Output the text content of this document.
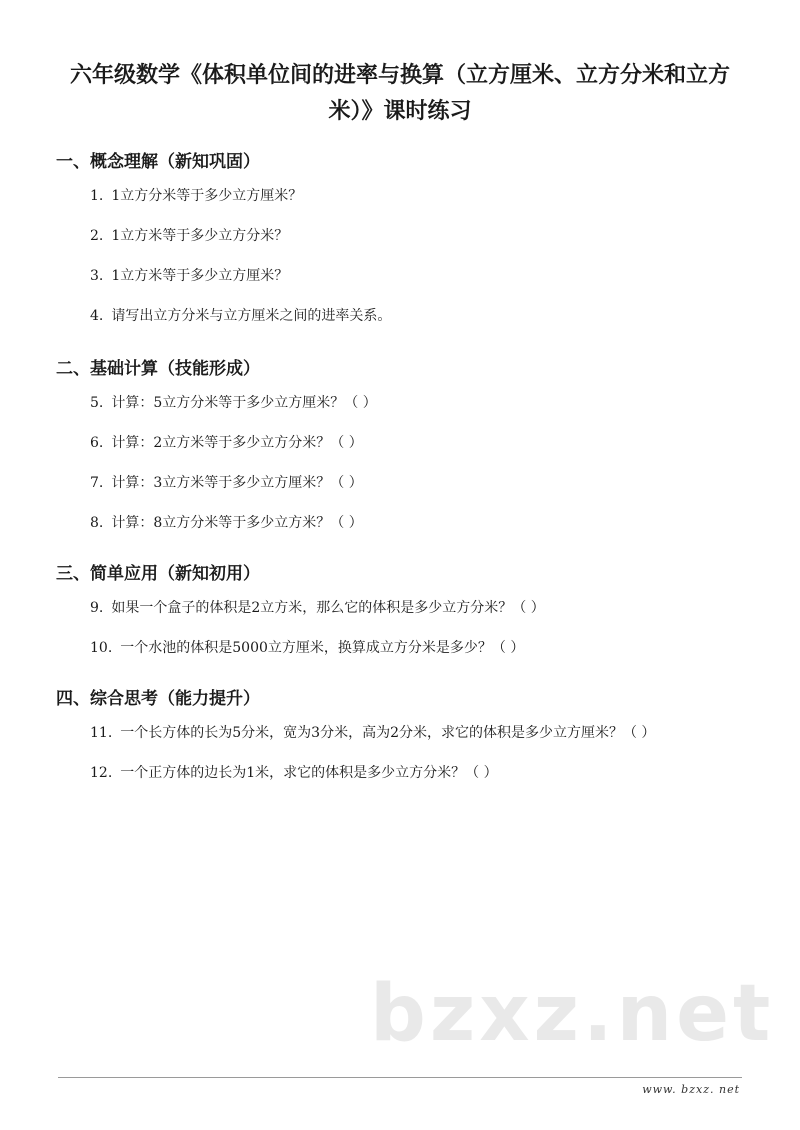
六年级数学《体积单位间的进率与换算（立方厘米、立方分米和立方米）》课时练习
一、概念理解（新知巩固）
1. 1立方分米等于多少立方厘米？
2. 1立方米等于多少立方分米？
3. 1立方米等于多少立方厘米？
4. 请写出立方分米与立方厘米之间的进率关系。
二、基础计算（技能形成）
5. 计算：5立方分米等于多少立方厘米？（ ）
6. 计算：2立方米等于多少立方分米？（ ）
7. 计算：3立方米等于多少立方厘米？（ ）
8. 计算：8立方分米等于多少立方米？（ ）
三、简单应用（新知初用）
9. 如果一个盒子的体积是2立方米，那么它的体积是多少立方分米？（ ）
10. 一个水池的体积是5000立方厘米，换算成立方分米是多少？（ ）
四、综合思考（能力提升）
11. 一个长方体的长为5分米，宽为3分米，高为2分米，求它的体积是多少立方厘米？（ ）
12. 一个正方体的边长为1米，求它的体积是多少立方分米？（ ）
bzxz.net
www. bzxz. net
